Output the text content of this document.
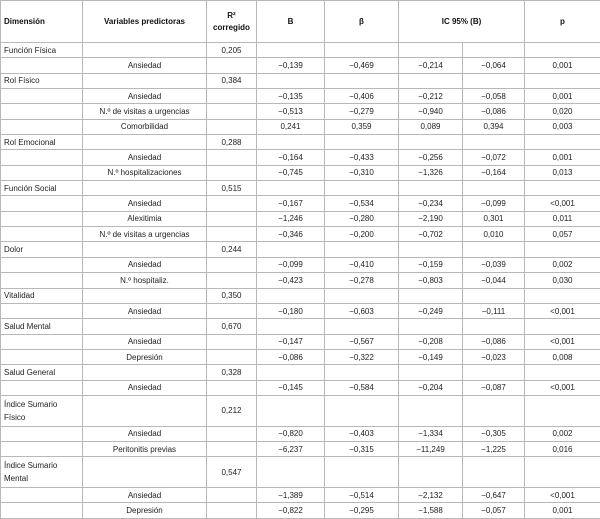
Dimensión	Variables predictoras	R² corregido	B	β	IC 95% (B)		p
Función Física		0,205					
	Ansiedad		−0,139	−0,469	−0,214	−0,064	0,001
Rol Físico		0,384					
	Ansiedad		−0,135	−0,406	−0,212	−0,058	0,001
	N.º de visitas a urgencias		−0,513	−0,279	−0,940	−0,086	0,020
	Comorbilidad		0,241	0,359	0,089	0,394	0,003
Rol Emocional		0,288					
	Ansiedad		−0,164	−0,433	−0,256	−0,072	0,001
	N.º hospitalizaciones		−0,745	−0,310	−1,326	−0,164	0,013
Función Social		0,515					
	Ansiedad		−0,167	−0,534	−0,234	−0,099	<0,001
	Alexitimia		−1,246	−0,280	−2,190	0,301	0,011
	N.º de visitas a urgencias		−0,346	−0,200	−0,702	0,010	0,057
Dolor		0,244					
	Ansiedad		−0,099	−0,410	−0,159	−0,039	0,002
	N.º hospitaliz.		−0,423	−0,278	−0,803	−0,044	0,030
Vitalidad		0,350					
	Ansiedad		−0,180	−0,603	−0,249	−0,111	<0,001
Salud Mental		0,670					
	Ansiedad		−0,147	−0,567	−0,208	−0,086	<0,001
	Depresión		−0,086	−0,322	−0,149	−0,023	0,008
Salud General		0,328					
	Ansiedad		−0,145	−0,584	−0,204	−0,087	<0,001
Índice Sumario Físico		0,212					
	Ansiedad		−0,820	−0,403	−1,334	−0,305	0,002
	Peritonitis previas		−6,237	−0,315	−11,249	−1,225	0,016
Índice Sumario Mental		0,547					
	Ansiedad		−1,389	−0,514	−2,132	−0,647	<0,001
	Depresión		−0,822	−0,295	−1,588	−0,057	0,001
